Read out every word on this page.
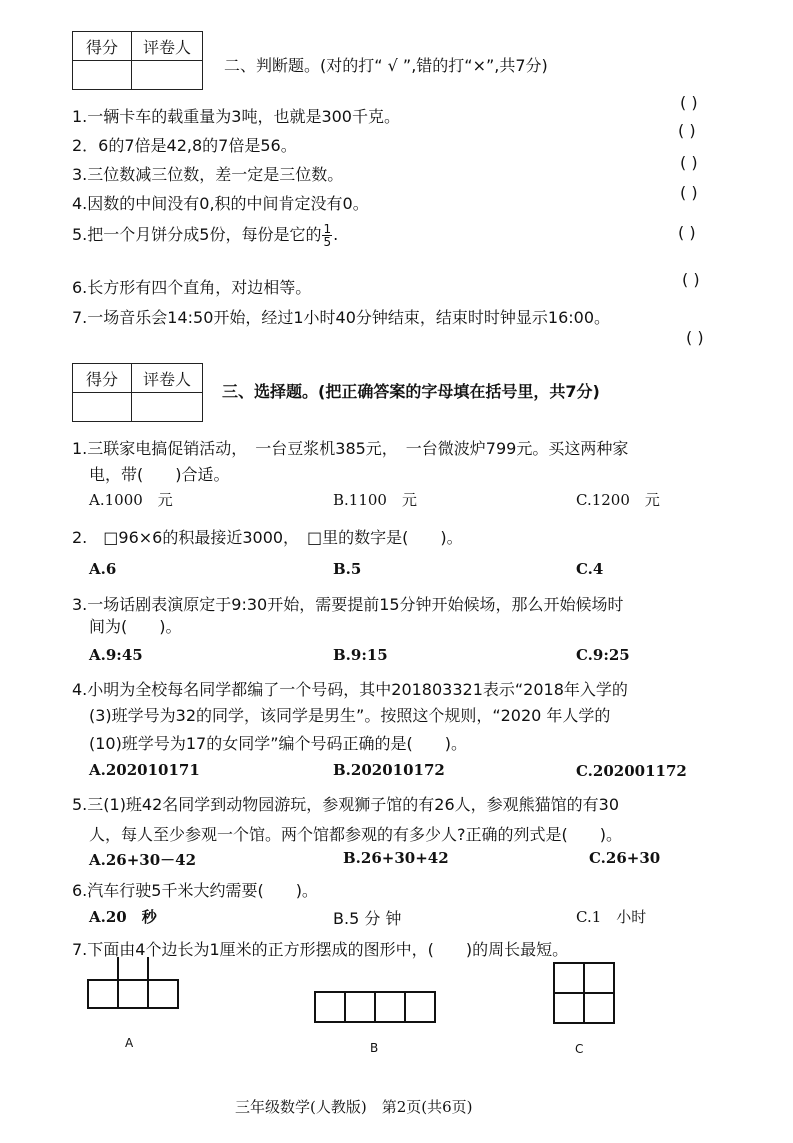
得分	评卷人

二、判断题。(对的打“ √ ”,错的打“×”,共7分)
1.一辆卡车的载重量为3吨，也就是300千克。
( )
2．6的7倍是42,8的7倍是56。
( )
3.三位数减三位数，差一定是三位数。
( )
4.因数的中间没有0,积的中间肯定没有0。
( )
5.把一个月饼分成5份，每份是它的 $\frac{1}{5}$ .	( )
6.长方形有四个直角，对边相等。	( )
7.一场音乐会14:50开始，经过1小时40分钟结束，结束时时钟显示16:00。
( )
得分	评卷人

三、选择题。(把正确答案的字母填在括号里，共7分)
1.三联家电搞促销活动，　一台豆浆机385元，　一台微波炉799元。买这两种家
电，带(　　)合适。
A.1000　元	B.1100　元	C.1200　元
2.　□96×6的积最接近3000，　□里的数字是(　　)。
A.6	B.5	C.4
3.一场话剧表演原定于9:30开始，需要提前15分钟开始候场，那么开始候场时
间为(　　)。
A.9:45	B.9:15	C.9:25
4.小明为全校每名同学都编了一个号码，其中201803321表示“2018年入学的
(3)班学号为32的同学，该同学是男生”。按照这个规则，“2020 年人学的
(10)班学号为17的女同学”编个号码正确的是(　　)。
A.202010171	B.202010172	C.202001172
5.三(1)班42名同学到动物园游玩，参观狮子馆的有26人，参观熊猫馆的有30
人，每人至少参观一个馆。两个馆都参观的有多少人?正确的列式是(　　)。
A.26+30－42	B.26+30+42	C.26+30
6.汽车行驶5千米大约需要(　　)。
A.20　秒	B.5 分 钟	C.1　小时
7.下面由4个边长为1厘米的正方形摆成的图形中，(　　)的周长最短。
A	B	C
三年级数学(人教版)　第2页(共6页)
